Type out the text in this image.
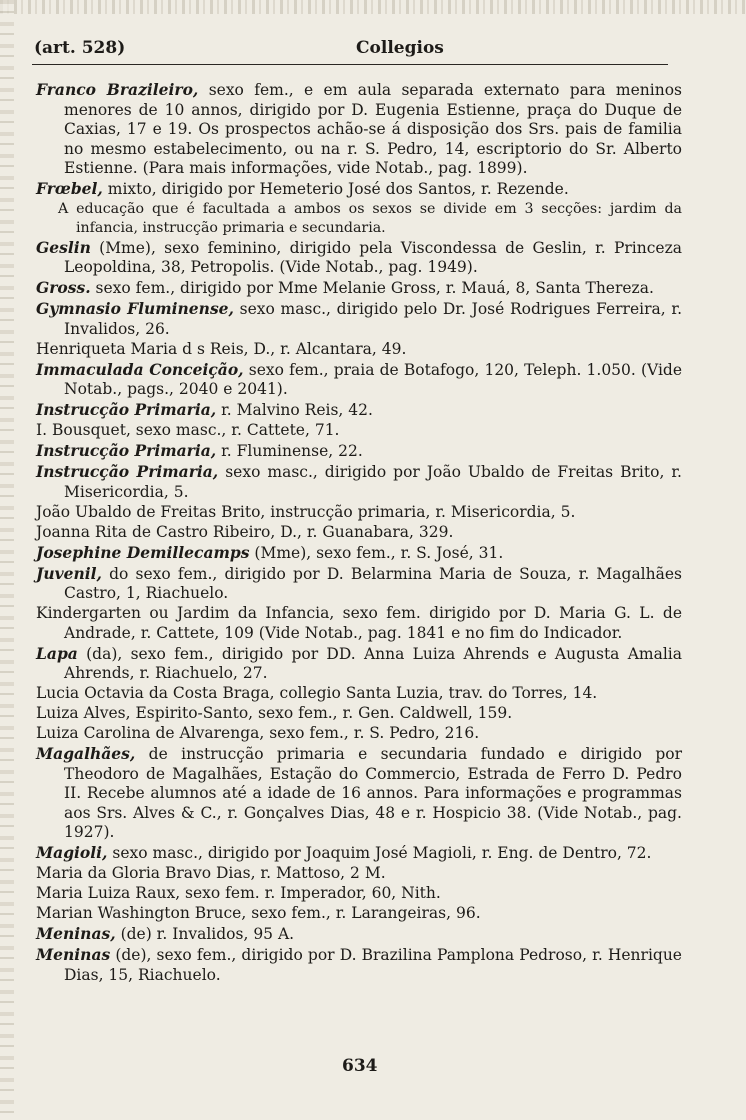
(art. 528)	Collegios

Franco Brazileiro, sexo fem., e em aula separada externato para meninos menores de 10 annos, dirigido por D. Eugenia Estienne, praça do Duque de Caxias, 17 e 19. Os prospectos achão-se á disposição dos Srs. pais de familia no mesmo estabelecimento, ou na r. S. Pedro, 14, escriptorio do Sr. Alberto Estienne. (Para mais informações, vide Notab., pag. 1899).

Frœbel, mixto, dirigido por Hemeterio José dos Santos, r. Rezende.

A educação que é facultada a ambos os sexos se divide em 3 secções: jardim da infancia, instrucção primaria e secundaria.

Geslin (Mme), sexo feminino, dirigido pela Viscondessa de Geslin, r. Princeza Leopoldina, 38, Petropolis. (Vide Notab., pag. 1949).

Gross. sexo fem., dirigido por Mme Melanie Gross, r. Mauá, 8, Santa Thereza.

Gymnasio Fluminense, sexo masc., dirigido pelo Dr. José Rodrigues Ferreira, r. Invalidos, 26.

Henriqueta Maria d s Reis, D., r. Alcantara, 49.

Immaculada Conceição, sexo fem., praia de Botafogo, 120, Teleph. 1.050. (Vide Notab., pags., 2040 e 2041).

Instrucção Primaria, r. Malvino Reis, 42.

I. Bousquet, sexo masc., r. Cattete, 71.

Instrucção Primaria, r. Fluminense, 22.

Instrucção Primaria, sexo masc., dirigido por João Ubaldo de Freitas Brito, r. Misericordia, 5.

João Ubaldo de Freitas Brito, instrucção primaria, r. Misericordia, 5.

Joanna Rita de Castro Ribeiro, D., r. Guanabara, 329.

Josephine Demillecamps (Mme), sexo fem., r. S. José, 31.

Juvenil, do sexo fem., dirigido por D. Belarmina Maria de Souza, r. Magalhães Castro, 1, Riachuelo.

Kindergarten ou Jardim da Infancia, sexo fem. dirigido por D. Maria G. L. de Andrade, r. Cattete, 109 (Vide Notab., pag. 1841 e no fim do Indicador.

Lapa (da), sexo fem., dirigido por DD. Anna Luiza Ahrends e Augusta Amalia Ahrends, r. Riachuelo, 27.

Lucia Octavia da Costa Braga, collegio Santa Luzia, trav. do Torres, 14.

Luiza Alves, Espirito-Santo, sexo fem., r. Gen. Caldwell, 159.

Luiza Carolina de Alvarenga, sexo fem., r. S. Pedro, 216.

Magalhães, de instrucção primaria e secundaria fundado e dirigido por Theodoro de Magalhães, Estação do Commercio, Estrada de Ferro D. Pedro II. Recebe alumnos até a idade de 16 annos. Para informações e programmas aos Srs. Alves & C., r. Gonçalves Dias, 48 e r. Hospicio 38. (Vide Notab., pag. 1927).

Magioli, sexo masc., dirigido por Joaquim José Magioli, r. Eng. de Dentro, 72.

Maria da Gloria Bravo Dias, r. Mattoso, 2 M.

Maria Luiza Raux, sexo fem. r. Imperador, 60, Nith.

Marian Washington Bruce, sexo fem., r. Larangeiras, 96.

Meninas, (de) r. Invalidos, 95 A.

Meninas (de), sexo fem., dirigido por D. Brazilina Pamplona Pedroso, r. Henrique Dias, 15, Riachuelo.

634
